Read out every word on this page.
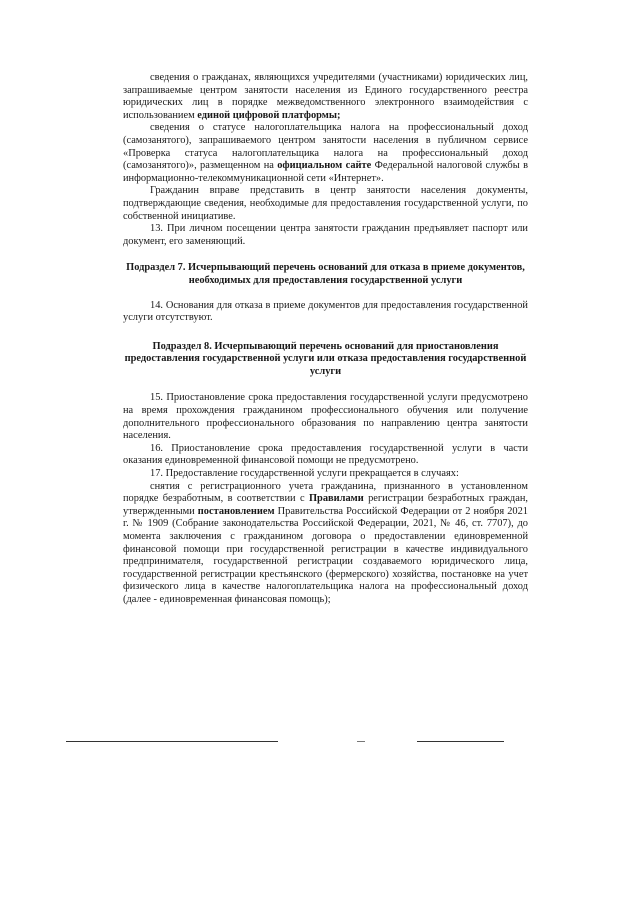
сведения о гражданах, являющихся учредителями (участниками) юридических лиц, запрашиваемые центром занятости населения из Единого государственного реестра юридических лиц в порядке межведомственного электронного взаимодействия с использованием единой цифровой платформы;

сведения о статусе налогоплательщика налога на профессиональный доход (самозанятого), запрашиваемого центром занятости населения в публичном сервисе «Проверка статуса налогоплательщика налога на профессиональный доход (самозанятого)», размещенном на официальном сайте Федеральной налоговой службы в информационно-телекоммуникационной сети «Интернет».

Гражданин вправе представить в центр занятости населения документы, подтверждающие сведения, необходимые для предоставления государственной услуги, по собственной инициативе.

13. При личном посещении центра занятости гражданин предъявляет паспорт или документ, его заменяющий.

Подраздел 7. Исчерпывающий перечень оснований для отказа в приеме документов, необходимых для предоставления государственной услуги

14. Основания для отказа в приеме документов для предоставления государственной услуги отсутствуют.

Подраздел 8. Исчерпывающий перечень оснований для приостановления предоставления государственной услуги или отказа предоставления государственной услуги

15. Приостановление срока предоставления государственной услуги предусмотрено на время прохождения гражданином профессионального обучения или получение дополнительного профессионального образования по направлению центра занятости населения.

16. Приостановление срока предоставления государственной услуги в части оказания единовременной финансовой помощи не предусмотрено.

17. Предоставление государственной услуги прекращается в случаях:

снятия с регистрационного учета гражданина, признанного в установленном порядке безработным, в соответствии с Правилами регистрации безработных граждан, утвержденными постановлением Правительства Российской Федерации от 2 ноября 2021 г. № 1909 (Собрание законодательства Российской Федерации, 2021, № 46, ст. 7707), до момента заключения с гражданином договора о предоставлении единовременной финансовой помощи при государственной регистрации в качестве индивидуального предпринимателя, государственной регистрации создаваемого юридического лица, государственной регистрации крестьянского (фермерского) хозяйства, постановке на учет физического лица в качестве налогоплательщика налога на профессиональный доход (далее - единовременная финансовая помощь);
